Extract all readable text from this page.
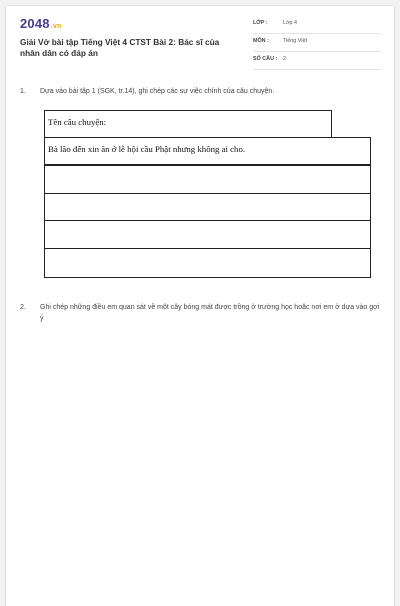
2048.vn
Giải Vở bài tập Tiếng Việt 4 CTST Bài 2: Bác sĩ của nhân dân có đáp án
LỚP :	Lớp 4
MÔN :	Tiếng Việt
SỐ CÂU : 2
1. Dựa vào bài tập 1 (SGK, tr.14), ghi chép các sự việc chính của câu chuyện.
Tên câu chuyện:
Bà lão đến xin ăn ở lễ hội cầu Phật nhưng không ai cho.
2. Ghi chép những điều em quan sát về một cây bóng mát được trồng ở trường học hoặc nơi em ở dựa vào gợi ý
